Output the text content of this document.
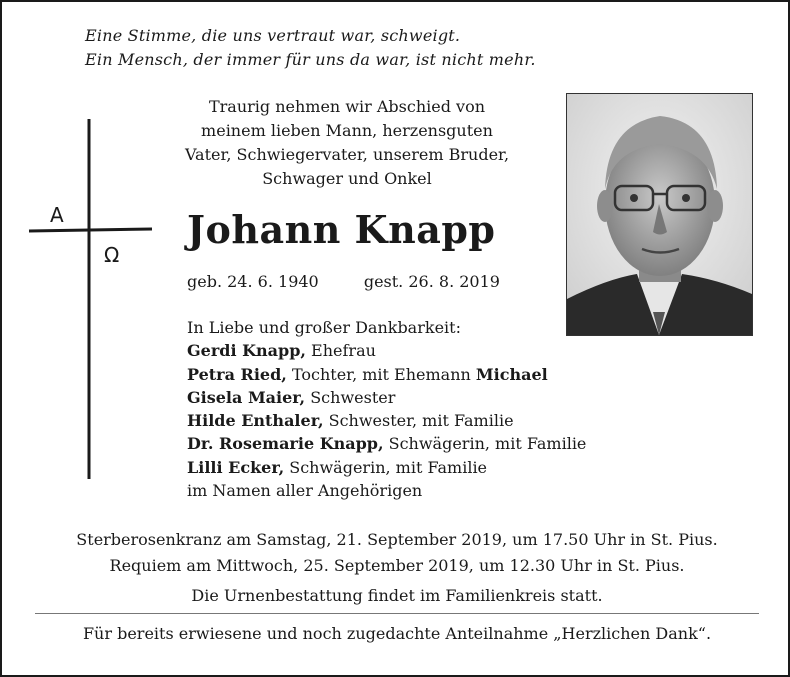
Eine Stimme, die uns vertraut war, schweigt.
Ein Mensch, der immer für uns da war, ist nicht mehr.
Traurig nehmen wir Abschied von
meinem lieben Mann, herzensguten
Vater, Schwiegervater, unserem Bruder,
Schwager und Onkel
A
Ω
Johann Knapp
geb. 24. 6. 1940	gest. 26. 8. 2019
In Liebe und großer Dankbarkeit:
Gerdi Knapp, Ehefrau
Petra Ried, Tochter, mit Ehemann Michael
Gisela Maier, Schwester
Hilde Enthaler, Schwester, mit Familie
Dr. Rosemarie Knapp, Schwägerin, mit Familie
Lilli Ecker, Schwägerin, mit Familie
im Namen aller Angehörigen
Sterberosenkranz am Samstag, 21. September 2019, um 17.50 Uhr in St. Pius.
Requiem am Mittwoch, 25. September 2019, um 12.30 Uhr in St. Pius.
Die Urnenbestattung findet im Familienkreis statt.
Für bereits erwiesene und noch zugedachte Anteilnahme „Herzlichen Dank“.
